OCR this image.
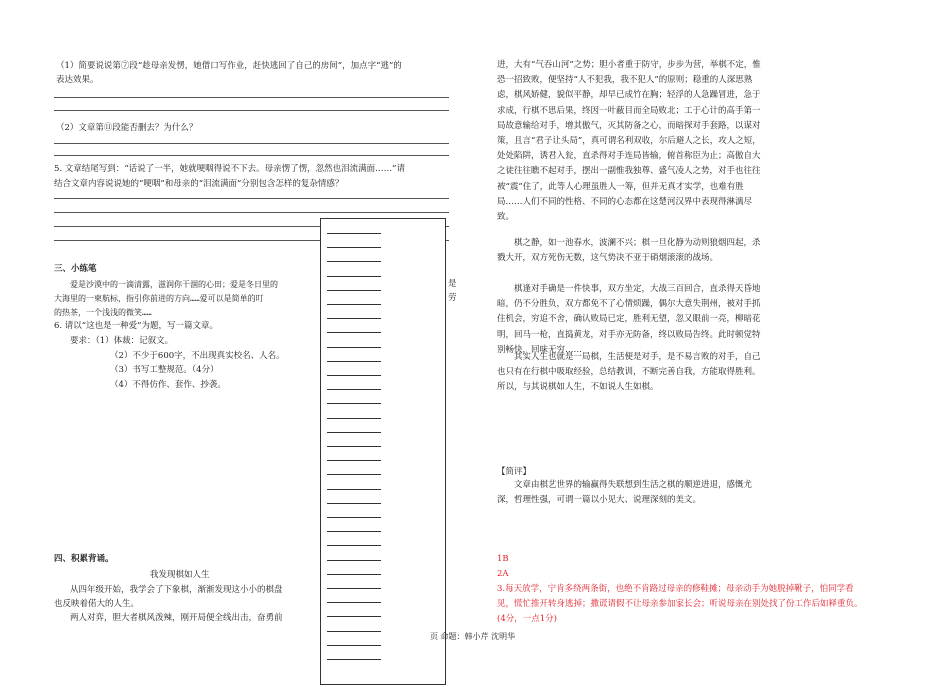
（1）简要说说第⑦段“趁母亲发愣，她借口写作业，赶快逃回了自己的房间”，加点字“逃”的
表达效果。
（2）文章第⑪段能否删去？为什么？
5. 文章结尾写到：“话说了一半，她就哽咽得说不下去。母亲愣了愣，忽然也泪流满面……”请
结合文章内容说说她的“哽咽”和母亲的“泪流满面”分别包含怎样的复杂情感？
三、小练笔
爱是沙漠中的一滴清露，滋润你干涸的心田；爱是冬日里的	是
大海里的一柬航标，指引你前进的方向……爱可以是简单的叮	劳
的热茶，一个浅浅的微笑……
6. 请以“这也是一种爱”为题，写一篇文章。
要求：（1）体裁：记叙文。
（2）不少于600字，不出现真实校名、人名。
（3）书写工整规范。（4分）
（4）不得仿作、套作、抄袭。
四、积累背诵。
我发现棋如人生
从四年级开始，我学会了下象棋，渐渐发现这小小的棋盘
也反映着偌大的人生。
两人对弈，胆大者棋风泼辣，刚开局便全线出击，奋勇前
进，大有“气吞山河”之势；胆小者重于防守，步步为营，举棋不定，惟恐一招致败，便坚持“人不犯我，我不犯人”的原则；稳重的人深思熟虑，棋风娇健，貌似平静，却早已成竹在胸；轻浮的人急躁冒进，急于求成，行棋不思后果，终因一叶蔽目而全局败北；工于心计的高手第一局故意输给对手，增其傲气，灭其防备之心，而暗探对手套路，以谋对策，且言“君子让头局”，真可谓名利双收，尔后避人之长，攻人之短，处处陷阱，诱君入瓮，直杀得对手连局皆输，俯首称臣为止；高傲自大之徒往往瞧不起对手，摆出一副惟我独尊、盛气凌人之势，对手也往往被“震”住了，此等人心理虽胜人一筹，但并无真才实学，也难有胜局……人们不同的性格、不同的心态都在这楚河汉界中表现得淋漓尽致。
棋之静，如一池春水，波澜不兴；棋一旦化静为动则狼烟四起，杀戮大开，双方死伤无数，这气势决不亚于硝烟滚滚的战场。
棋逢对手确是一件快事，双方坐定，大战三百回合，直杀得天昏地暗，仍不分胜负，双方都免不了心情烦躁，偶尔大意失荆州，被对手抓住机会，穷追不舍，确认败局已定，胜利无望，忽又眼前一亮，柳暗花明，回马一枪，直捣黄龙，对手亦无防备，终以败局告终。此时顿觉特别畅快，回味无穷……
其实人生也就是一局棋，生活便是对手，是不易言败的对手，自己也只有在行棋中吸取经验，总结教训，不断完善自我，方能取得胜利。所以，与其说棋如人生，不如说人生如棋。
【简评】
文章由棋艺世界的输赢得失联想到生活之棋的顺逆进退，感慨尤深，哲理性强，可谓一篇以小见大、说理深刻的美文。
1B
2A
3.每天放学，宁肯多绕两条街，也绝不肯路过母亲的修鞋摊；母亲动手为她脱掉靴子，怕同学看
见，慌忙推开转身逃掉；撒谎请假不让母亲参加家长会；听说母亲在别处找了份工作后如释重负。
(4分，一点1分)
页 命题：韩小芹 沈明华
